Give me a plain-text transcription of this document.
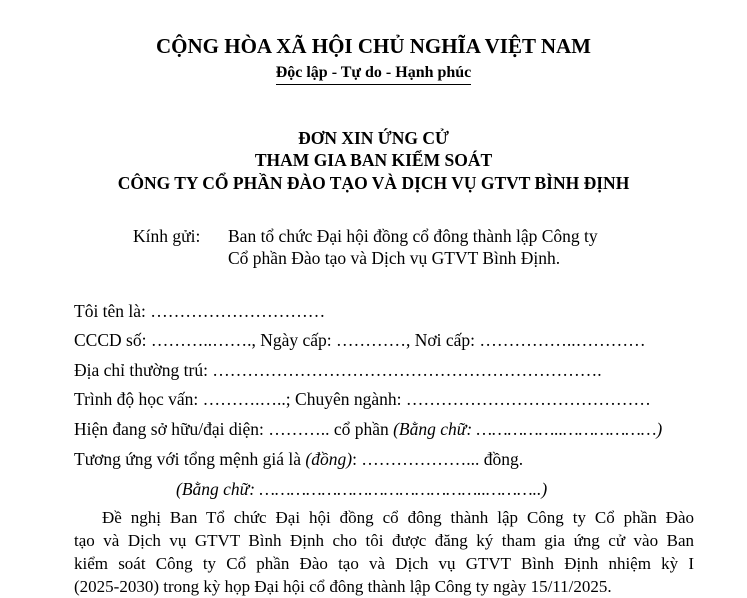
CỘNG HÒA XÃ HỘI CHỦ NGHĨA VIỆT NAM
Độc lập - Tự do - Hạnh phúc
ĐƠN XIN ỨNG CỬ
THAM GIA BAN KIỂM SOÁT
CÔNG TY CỔ PHẦN ĐÀO TẠO VÀ DỊCH VỤ GTVT BÌNH ĐỊNH
Kính gửi: Ban tổ chức Đại hội đồng cổ đông thành lập Công ty
Cổ phần Đào tạo và Dịch vụ GTVT Bình Định.
Tôi tên là: …………………………
CCCD số: ………..……., Ngày cấp: …………, Nơi cấp: ……………..…………
Địa chỉ thường trú: ………………………………………………………….
Trình độ học vấn: ……….…..; Chuyên ngành: ……………………………………
Hiện đang sở hữu/đại diện: ……….. cổ phần (Bằng chữ: ……………..………………)
Tương ứng với tổng mệnh giá là (đồng): ………………... đồng.
(Bằng chữ: ……………………………………..………..)
Đề nghị Ban Tổ chức Đại hội đồng cổ đông thành lập Công ty Cổ phần Đào
tạo và Dịch vụ GTVT Bình Định cho tôi được đăng ký tham gia ứng cử vào Ban
kiểm soát Công ty Cổ phần Đào tạo và Dịch vụ GTVT Bình Định nhiệm kỳ I
(2025-2030) trong kỳ họp Đại hội cổ đông thành lập Công ty ngày 15/11/2025.
